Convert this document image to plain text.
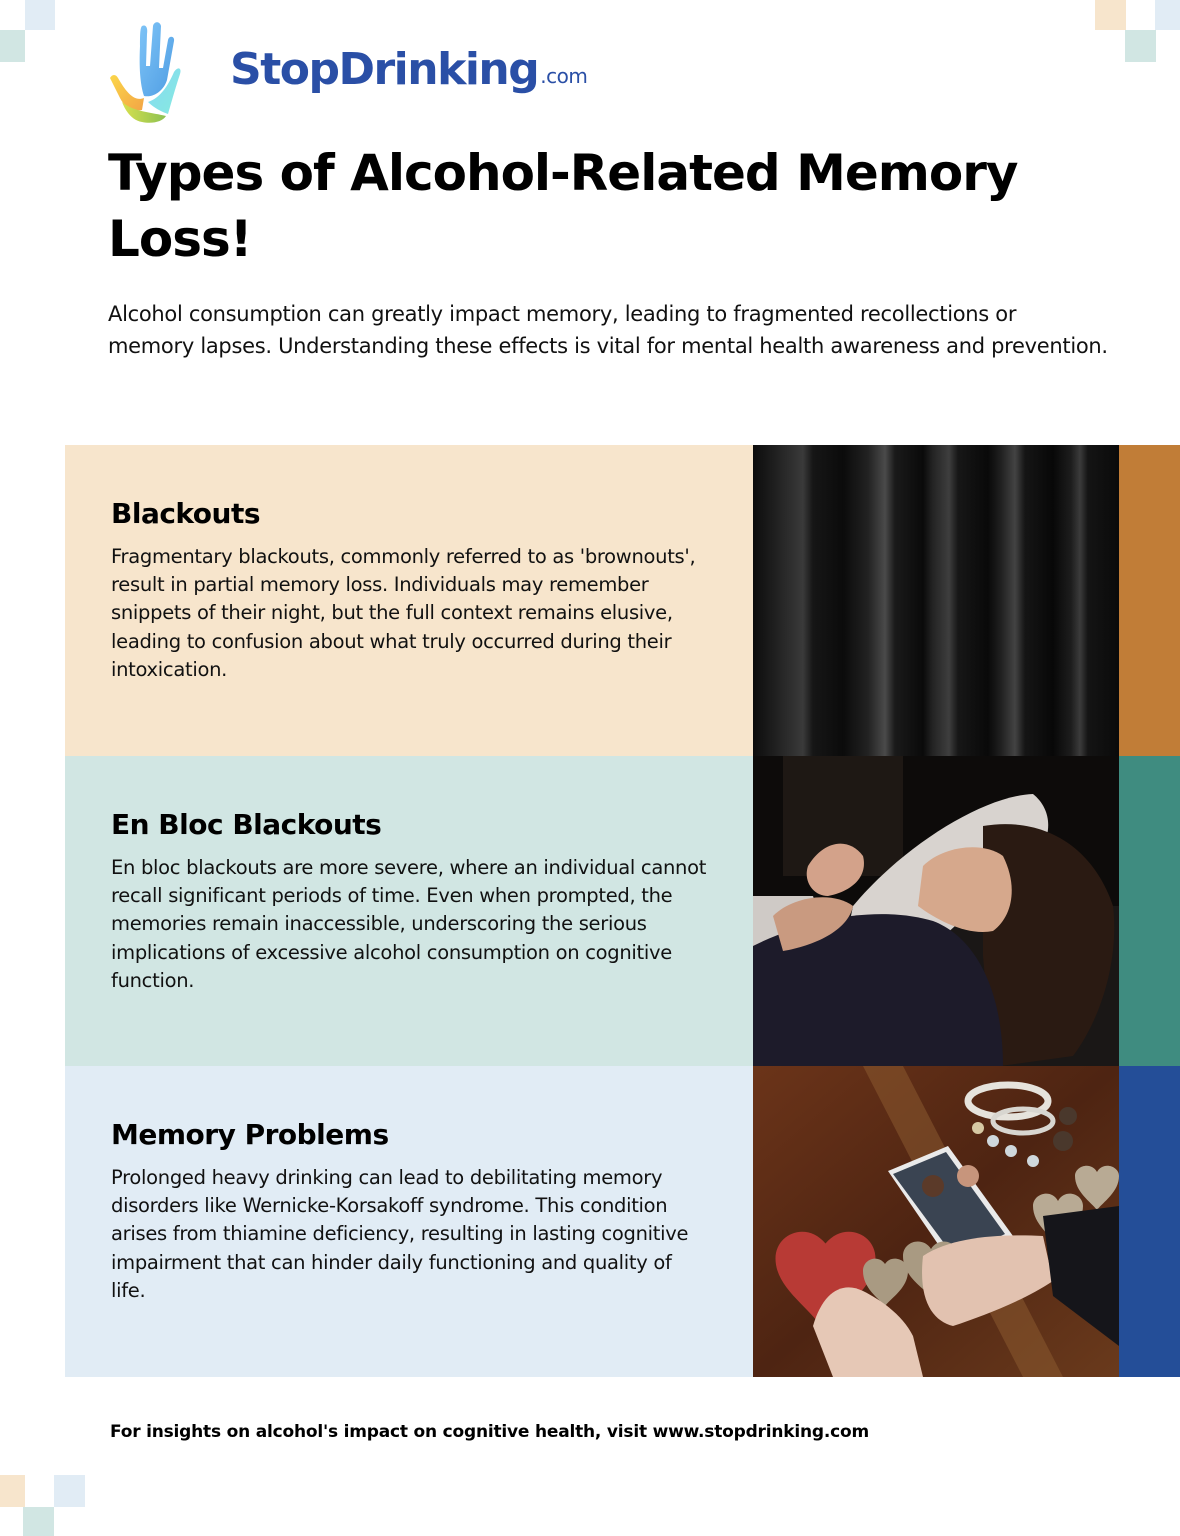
StopDrinking .com
Types of Alcohol-Related Memory Loss!

Alcohol consumption can greatly impact memory, leading to fragmented recollections or memory lapses. Understanding these effects is vital for mental health awareness and prevention.

Blackouts

Fragmentary blackouts, commonly referred to as 'brownouts', result in partial memory loss. Individuals may remember snippets of their night, but the full context remains elusive, leading to confusion about what truly occurred during their intoxication.

En Bloc Blackouts

En bloc blackouts are more severe, where an individual cannot recall significant periods of time. Even when prompted, the memories remain inaccessible, underscoring the serious implications of excessive alcohol consumption on cognitive function.

Memory Problems

Prolonged heavy drinking can lead to debilitating memory disorders like Wernicke-Korsakoff syndrome. This condition arises from thiamine deficiency, resulting in lasting cognitive impairment that can hinder daily functioning and quality of life.

For insights on alcohol's impact on cognitive health, visit www.stopdrinking.com
